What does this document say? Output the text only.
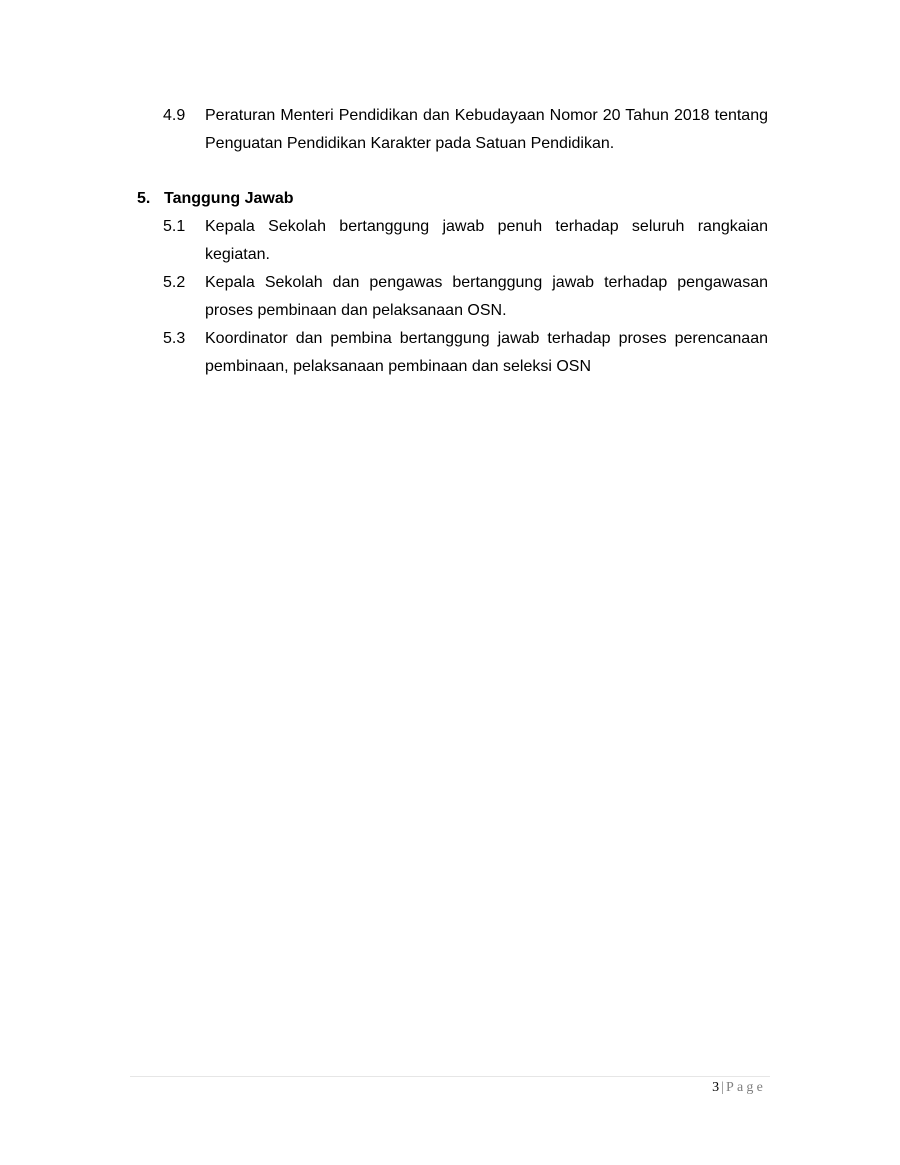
4.9	Peraturan Menteri Pendidikan dan Kebudayaan Nomor 20 Tahun 2018 tentang Penguatan Pendidikan Karakter pada Satuan Pendidikan.
5. Tanggung Jawab
5.1	Kepala Sekolah bertanggung jawab penuh terhadap seluruh rangkaian kegiatan.
5.2	Kepala Sekolah dan pengawas bertanggung jawab terhadap pengawasan proses pembinaan dan pelaksanaan OSN.
5.3	Koordinator dan pembina bertanggung jawab terhadap proses perencanaan pembinaan, pelaksanaan pembinaan dan seleksi OSN
3 | Page
